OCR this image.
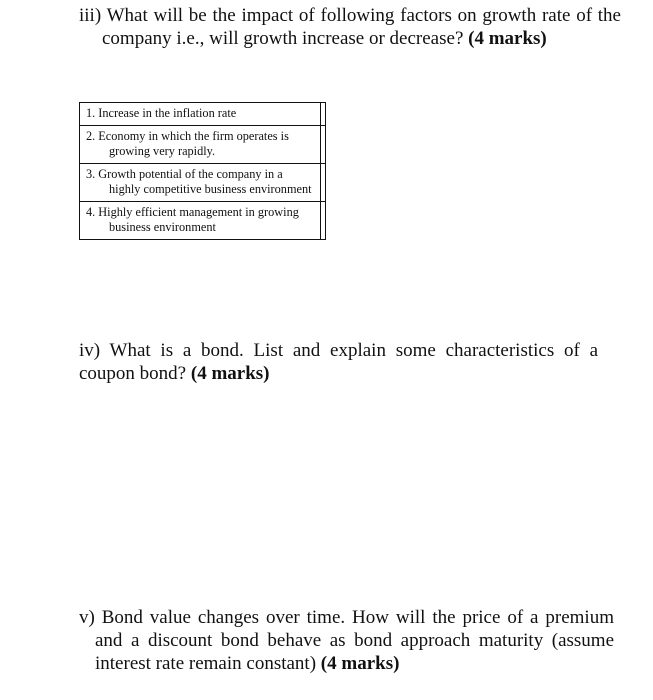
iii) What will be the impact of following factors on growth rate of the company i.e., will growth increase or decrease? (4 marks)
1. Increase in the inflation rate	

2. Economy in which the firm operates is growing very rapidly.	

3. Growth potential of the company in a highly competitive business environment	

4. Highly efficient management in growing business environment	

iv) What is a bond. List and explain some characteristics of a coupon bond? (4 marks)
v) Bond value changes over time. How will the price of a premium and a discount bond behave as bond approach maturity (assume interest rate remain constant) (4 marks)
